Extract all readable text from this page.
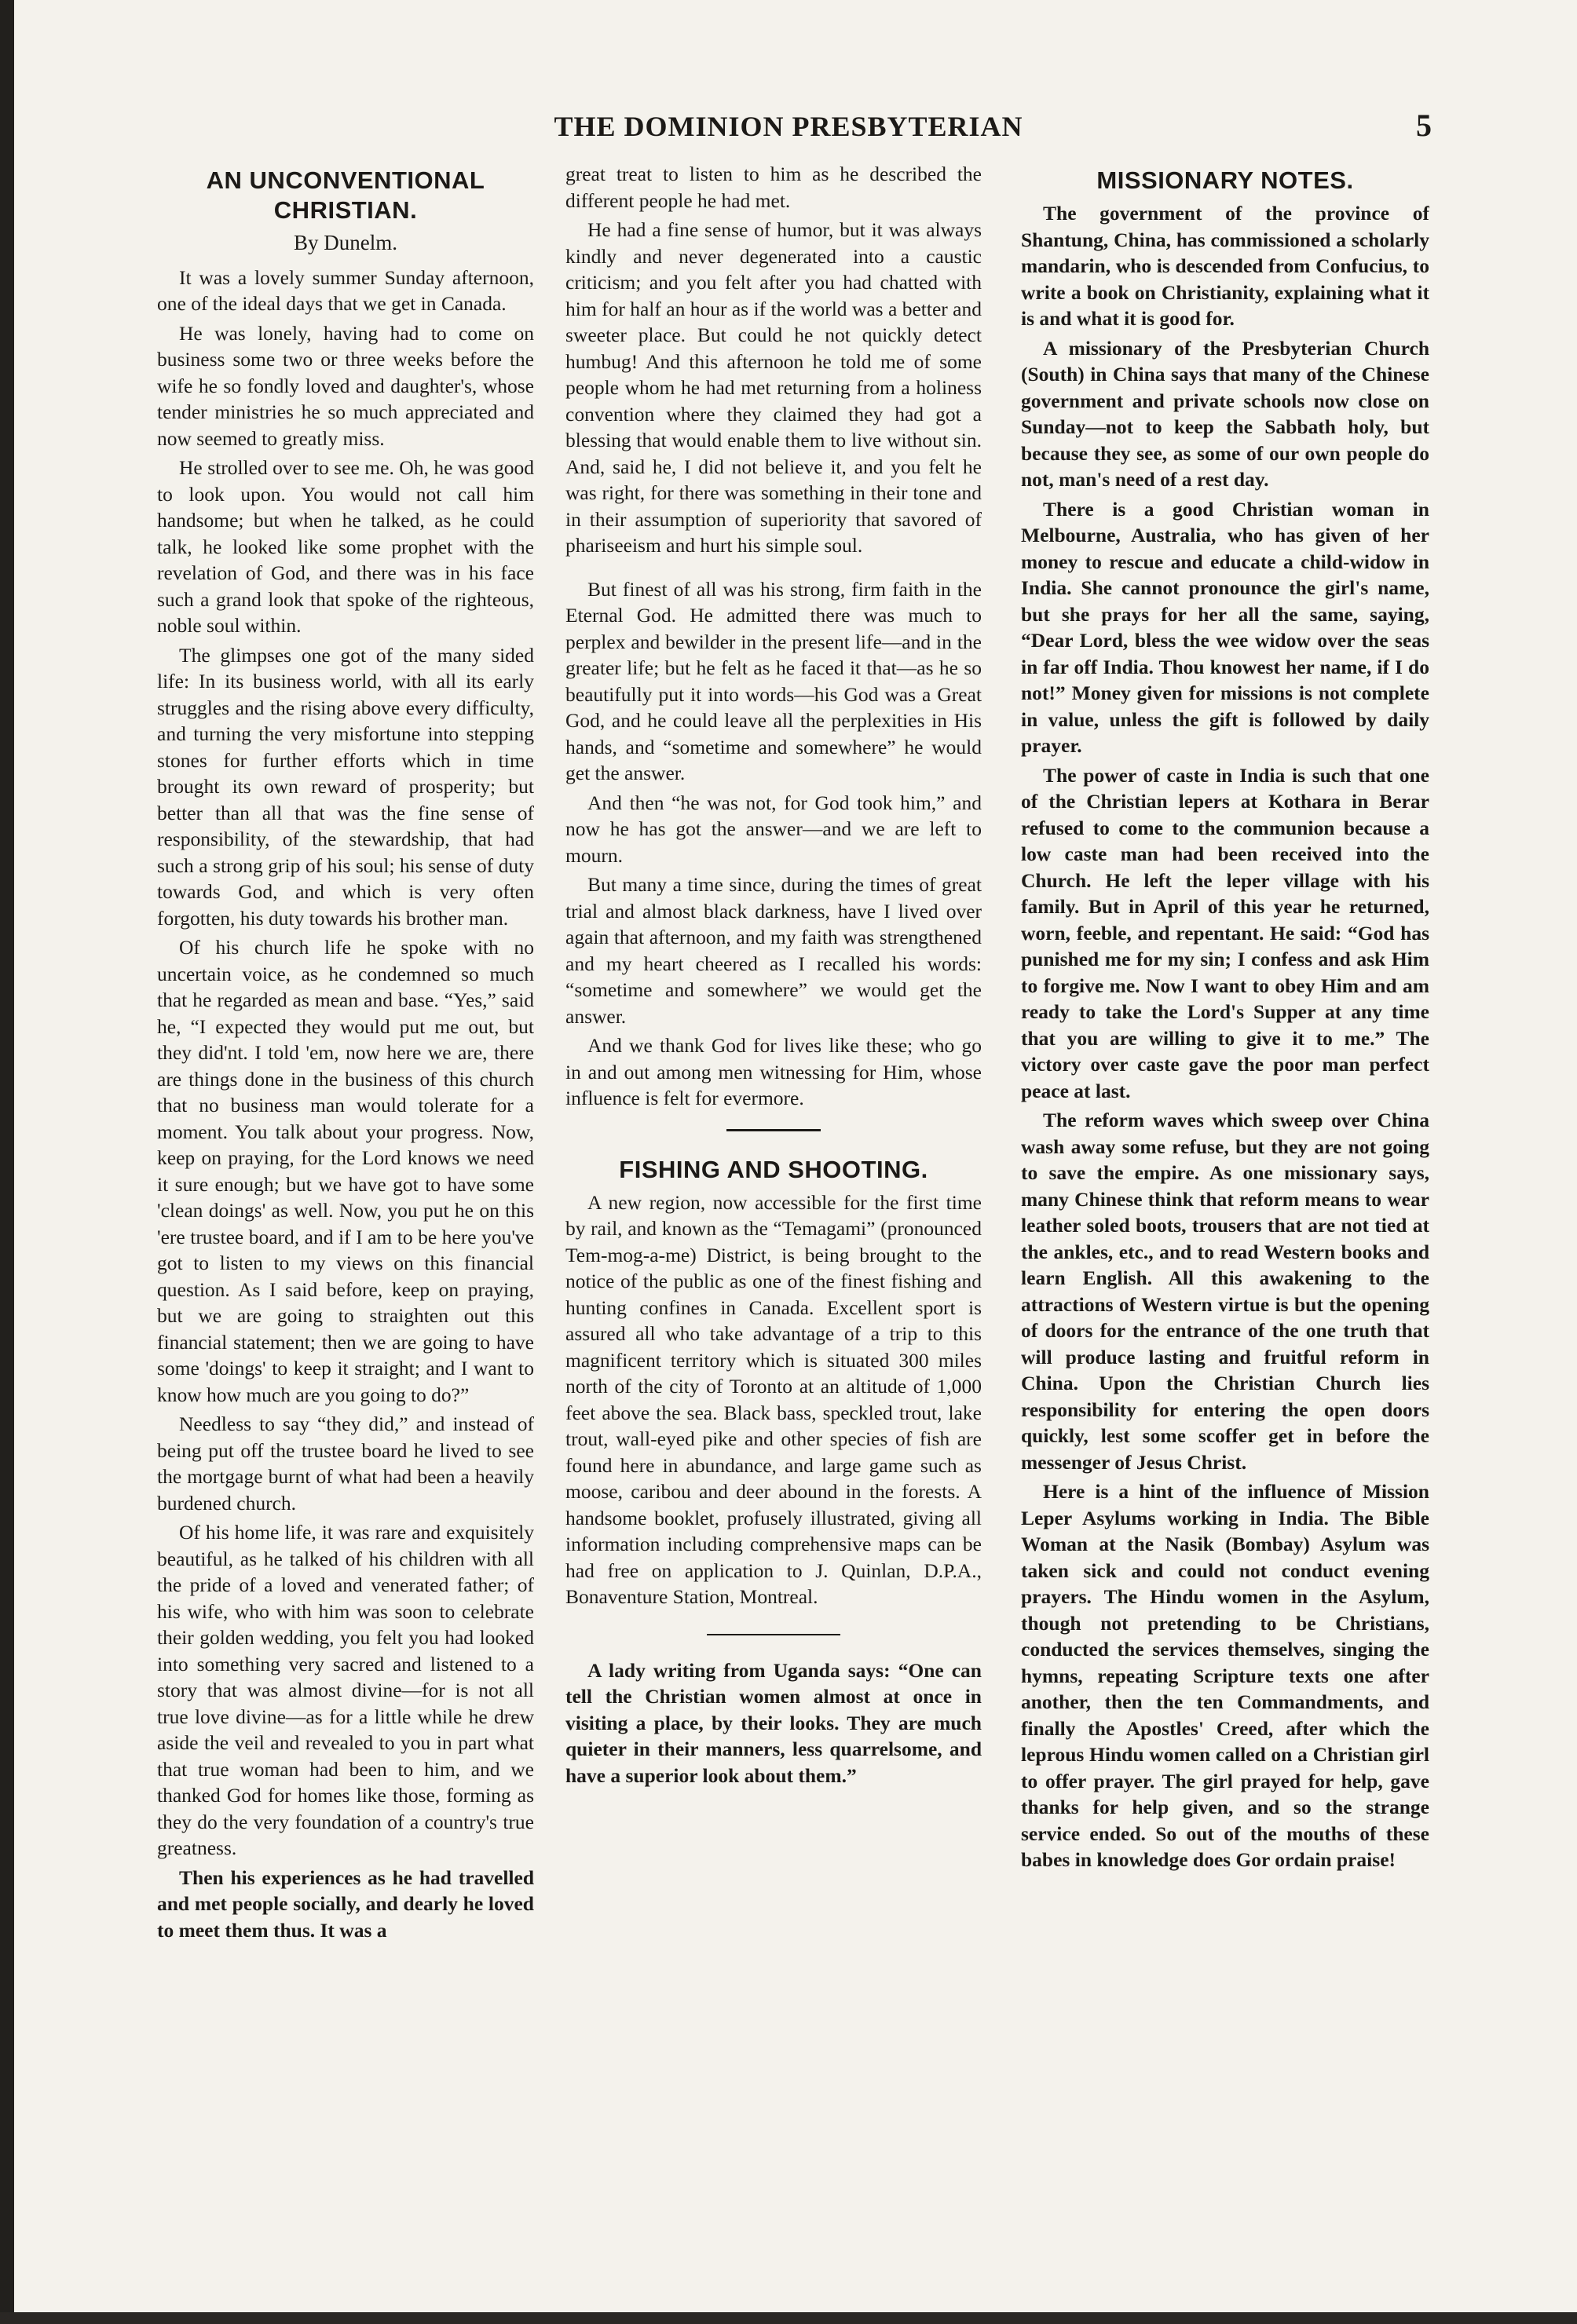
THE DOMINION PRESBYTERIAN	5
AN UNCONVENTIONAL CHRISTIAN.
By Dunelm.

It was a lovely summer Sunday afternoon, one of the ideal days that we get in Canada.

He was lonely, having had to come on business some two or three weeks before the wife he so fondly loved and daughter's, whose tender ministries he so much appreciated and now seemed to greatly miss.

He strolled over to see me. Oh, he was good to look upon. You would not call him handsome; but when he talked, as he could talk, he looked like some prophet with the revelation of God, and there was in his face such a grand look that spoke of the righteous, noble soul within.

The glimpses one got of the many sided life: In its business world, with all its early struggles and the rising above every difficulty, and turning the very misfortune into stepping stones for further efforts which in time brought its own reward of prosperity; but better than all that was the fine sense of responsibility, of the stewardship, that had such a strong grip of his soul; his sense of duty towards God, and which is very often forgotten, his duty towards his brother man.

Of his church life he spoke with no uncertain voice, as he condemned so much that he regarded as mean and base. “Yes,” said he, “I expected they would put me out, but they did'nt. I told 'em, now here we are, there are things done in the business of this church that no business man would tolerate for a moment. You talk about your progress. Now, keep on praying, for the Lord knows we need it sure enough; but we have got to have some 'clean doings' as well. Now, you put he on this 'ere trustee board, and if I am to be here you've got to listen to my views on this financial question. As I said before, keep on praying, but we are going to straighten out this financial statement; then we are going to have some 'doings' to keep it straight; and I want to know how much are you going to do?”

Needless to say “they did,” and instead of being put off the trustee board he lived to see the mortgage burnt of what had been a heavily burdened church.

Of his home life, it was rare and exquisitely beautiful, as he talked of his children with all the pride of a loved and venerated father; of his wife, who with him was soon to celebrate their golden wedding, you felt you had looked into something very sacred and listened to a story that was almost divine—for is not all true love divine—as for a little while he drew aside the veil and revealed to you in part what that true woman had been to him, and we thanked God for homes like those, forming as they do the very foundation of a country's true greatness.

Then his experiences as he had travelled and met people socially, and dearly he loved to meet them thus. It was a

great treat to listen to him as he described the different people he had met.

He had a fine sense of humor, but it was always kindly and never degenerated into a caustic criticism; and you felt after you had chatted with him for half an hour as if the world was a better and sweeter place. But could he not quickly detect humbug! And this afternoon he told me of some people whom he had met returning from a holiness convention where they claimed they had got a blessing that would enable them to live without sin. And, said he, I did not believe it, and you felt he was right, for there was something in their tone and in their assumption of superiority that savored of phariseeism and hurt his simple soul.

But finest of all was his strong, firm faith in the Eternal God. He admitted there was much to perplex and bewilder in the present life—and in the greater life; but he felt as he faced it that—as he so beautifully put it into words—his God was a Great God, and he could leave all the perplexities in His hands, and “sometime and somewhere” he would get the answer.

And then “he was not, for God took him,” and now he has got the answer—and we are left to mourn.

But many a time since, during the times of great trial and almost black darkness, have I lived over again that afternoon, and my faith was strengthened and my heart cheered as I recalled his words: “sometime and somewhere” we would get the answer.

And we thank God for lives like these; who go in and out among men witnessing for Him, whose influence is felt for evermore.

FISHING AND SHOOTING.

A new region, now accessible for the first time by rail, and known as the “Temagami” (pronounced Tem-mog-a-me) District, is being brought to the notice of the public as one of the finest fishing and hunting confines in Canada. Excellent sport is assured all who take advantage of a trip to this magnificent territory which is situated 300 miles north of the city of Toronto at an altitude of 1,000 feet above the sea. Black bass, speckled trout, lake trout, wall-eyed pike and other species of fish are found here in abundance, and large game such as moose, caribou and deer abound in the forests. A handsome booklet, profusely illustrated, giving all information including comprehensive maps can be had free on application to J. Quinlan, D.P.A., Bonaventure Station, Montreal.

A lady writing from Uganda says: “One can tell the Christian women almost at once in visiting a place, by their looks. They are much quieter in their manners, less quarrelsome, and have a superior look about them.”

MISSIONARY NOTES.

The government of the province of Shantung, China, has commissioned a scholarly mandarin, who is descended from Confucius, to write a book on Christianity, explaining what it is and what it is good for.

A missionary of the Presbyterian Church (South) in China says that many of the Chinese government and private schools now close on Sunday—not to keep the Sabbath holy, but because they see, as some of our own people do not, man's need of a rest day.

There is a good Christian woman in Melbourne, Australia, who has given of her money to rescue and educate a child-widow in India. She cannot pronounce the girl's name, but she prays for her all the same, saying, “Dear Lord, bless the wee widow over the seas in far off India. Thou knowest her name, if I do not!” Money given for missions is not complete in value, unless the gift is followed by daily prayer.

The power of caste in India is such that one of the Christian lepers at Kothara in Berar refused to come to the communion because a low caste man had been received into the Church. He left the leper village with his family. But in April of this year he returned, worn, feeble, and repentant. He said: “God has punished me for my sin; I confess and ask Him to forgive me. Now I want to obey Him and am ready to take the Lord's Supper at any time that you are willing to give it to me.” The victory over caste gave the poor man perfect peace at last.

The reform waves which sweep over China wash away some refuse, but they are not going to save the empire. As one missionary says, many Chinese think that reform means to wear leather soled boots, trousers that are not tied at the ankles, etc., and to read Western books and learn English. All this awakening to the attractions of Western virtue is but the opening of doors for the entrance of the one truth that will produce lasting and fruitful reform in China. Upon the Christian Church lies responsibility for entering the open doors quickly, lest some scoffer get in before the messenger of Jesus Christ.

Here is a hint of the influence of Mission Leper Asylums working in India. The Bible Woman at the Nasik (Bombay) Asylum was taken sick and could not conduct evening prayers. The Hindu women in the Asylum, though not pretending to be Christians, conducted the services themselves, singing the hymns, repeating Scripture texts one after another, then the ten Commandments, and finally the Apostles' Creed, after which the leprous Hindu women called on a Christian girl to offer prayer. The girl prayed for help, gave thanks for help given, and so the strange service ended. So out of the mouths of these babes in knowledge does Gor ordain praise!
